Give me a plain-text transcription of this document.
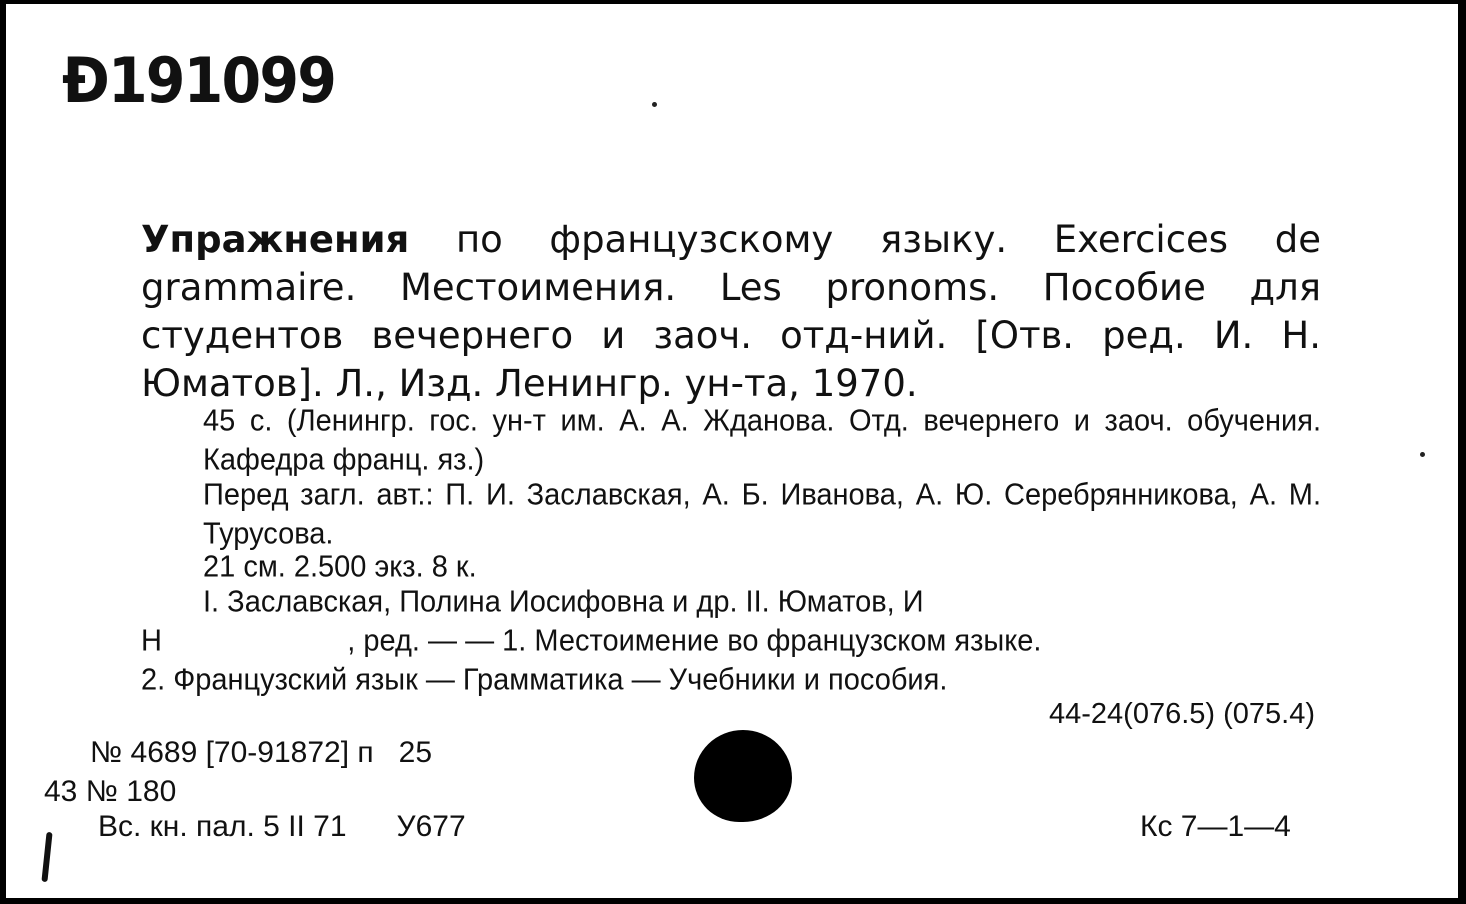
Ð191099
Упражнения по французскому языку. Exercices de grammaire. Местоимения. Les pronoms. Пособие для студентов вечернего и заоч. отд-ний. [Отв. ред. И. Н. Юматов]. Л., Изд. Ленингр. ун-та, 1970.
45 с. (Ленингр. гос. ун-т им. А. А. Жданова. Отд. вечернего и заоч. обучения. Кафедра франц. яз.)
Перед загл. авт.: П. И. Заславская, А. Б. Иванова, А. Ю. Серебрянникова, А. М. Турусова.
21 см. 2.500 экз. 8 к.
I. Заславская, Полина Иосифовна и др. II. Юматов, И
Н                       , ред. — — 1. Местоимение во французском языке.
2. Французский язык — Грамматика — Учебники и пособия.
44-24(076.5) (075.4)
№ 4689 [70-91872] п   25
43 № 180
Вс. кн. пал. 5 II 71      У677	Кс 7—1—4
